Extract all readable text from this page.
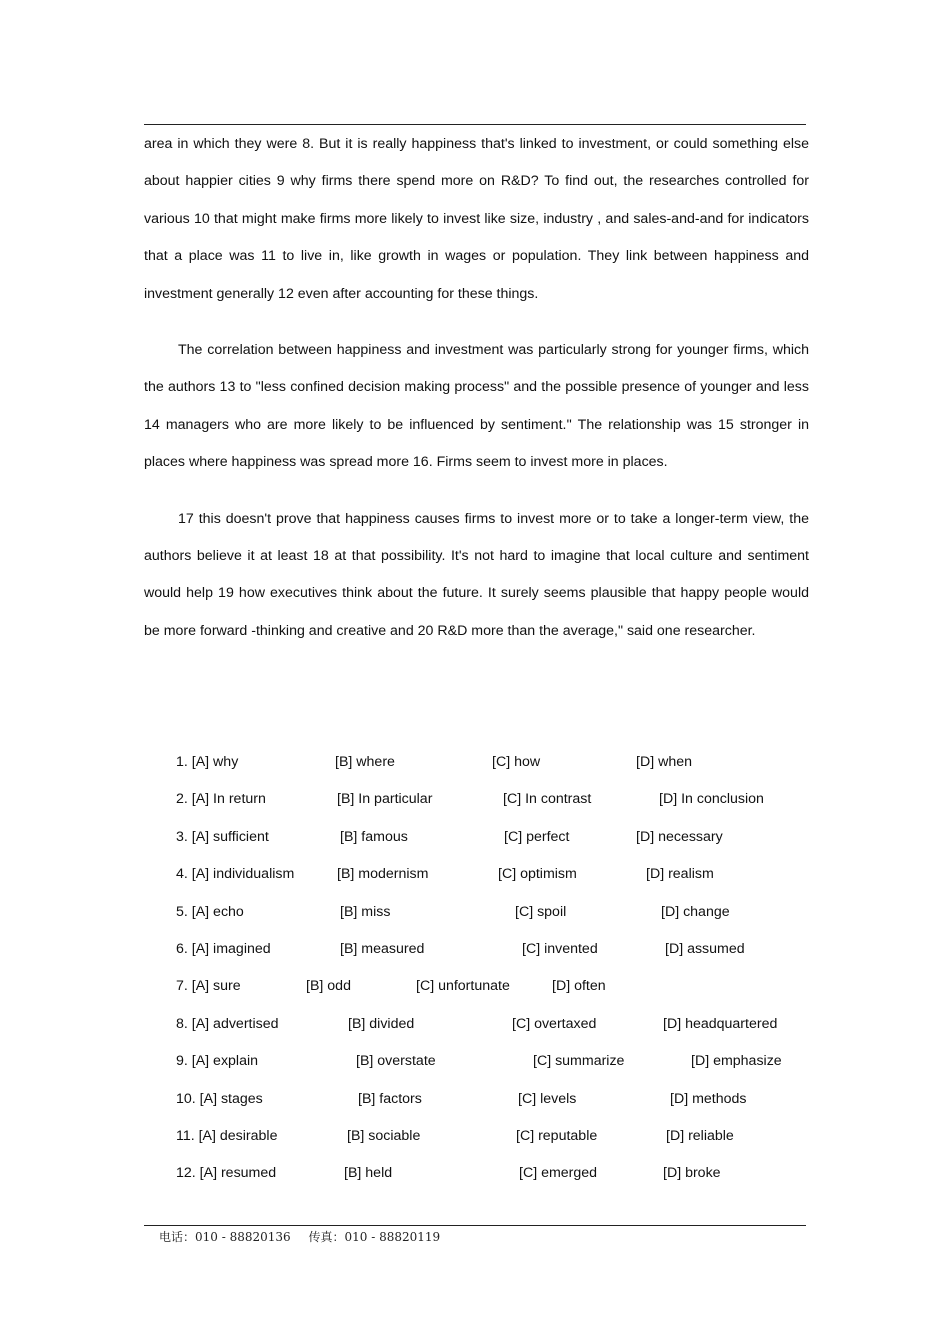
area in which they were 8. But it is really happiness that's linked to investment, or could something else about happier cities 9 why firms there spend more on R&D? To find out, the researches controlled for various 10 that might make firms more likely to invest like size, industry , and sales-and-and for indicators that a place was 11 to live in, like growth in wages or population. They link between happiness and investment generally 12 even after accounting for these things.

The correlation between happiness and investment was particularly strong for younger firms, which the authors 13 to "less confined decision making process" and the possible presence of younger and less 14 managers who are more likely to be influenced by sentiment.'' The relationship was 15 stronger in places where happiness was spread more 16. Firms seem to invest more in places.

17 this doesn't prove that happiness causes firms to invest more or to take a longer-term view, the authors believe it at least 18 at that possibility. It's not hard to imagine that local culture and sentiment would help 19 how executives think about the future. It surely seems plausible that happy people would be more forward -thinking and creative and 20 R&D more than the average," said one researcher.

1. [A] why	[B] where	[C] how	[D] when
2. [A] In return	[B] In particular	[C] In contrast	[D] In conclusion
3. [A] sufficient	[B] famous	[C] perfect	[D] necessary
4. [A] individualism	[B] modernism	[C] optimism	[D] realism
5. [A] echo	[B] miss	[C] spoil	[D] change
6. [A] imagined	[B] measured	[C] invented	[D] assumed
7. [A] sure	[B] odd	[C] unfortunate	[D] often
8. [A] advertised	[B] divided	[C] overtaxed	[D] headquartered
9. [A] explain	[B] overstate	[C] summarize	[D] emphasize
10. [A] stages	[B] factors	[C] levels	[D] methods
11. [A] desirable	[B] sociable	[C] reputable	[D] reliable
12. [A] resumed	[B] held	[C] emerged	[D] broke
电话：010 - 88820136 传真：010 - 88820119
